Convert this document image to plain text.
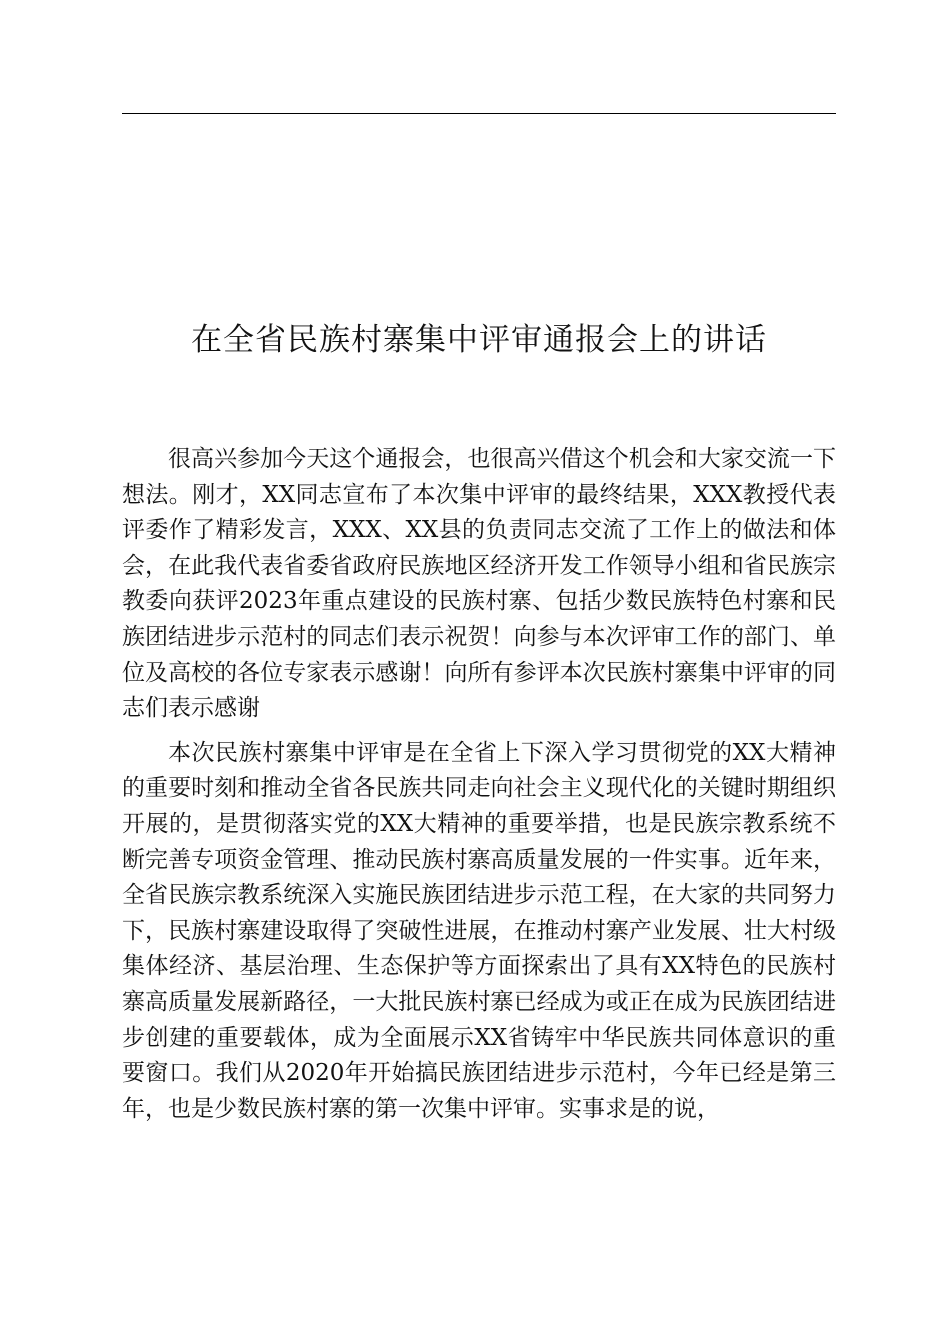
在全省民族村寨集中评审通报会上的讲话

很高兴参加今天这个通报会，也很高兴借这个机会和大家交流一下想法。刚才，XX同志宣布了本次集中评审的最终结果，XXX教授代表评委作了精彩发言，XXX、XX县的负责同志交流了工作上的做法和体会，在此我代表省委省政府民族地区经济开发工作领导小组和省民族宗教委向获评2023年重点建设的民族村寨、包括少数民族特色村寨和民族团结进步示范村的同志们表示祝贺！向参与本次评审工作的部门、单位及高校的各位专家表示感谢！向所有参评本次民族村寨集中评审的同志们表示感谢

本次民族村寨集中评审是在全省上下深入学习贯彻党的XX大精神的重要时刻和推动全省各民族共同走向社会主义现代化的关键时期组织开展的，是贯彻落实党的XX大精神的重要举措，也是民族宗教系统不断完善专项资金管理、推动民族村寨高质量发展的一件实事。近年来，全省民族宗教系统深入实施民族团结进步示范工程，在大家的共同努力下，民族村寨建设取得了突破性进展，在推动村寨产业发展、壮大村级集体经济、基层治理、生态保护等方面探索出了具有XX特色的民族村寨高质量发展新路径，一大批民族村寨已经成为或正在成为民族团结进步创建的重要载体，成为全面展示XX省铸牢中华民族共同体意识的重要窗口。我们从2020年开始搞民族团结进步示范村，今年已经是第三年，也是少数民族村寨的第一次集中评审。实事求是的说，
